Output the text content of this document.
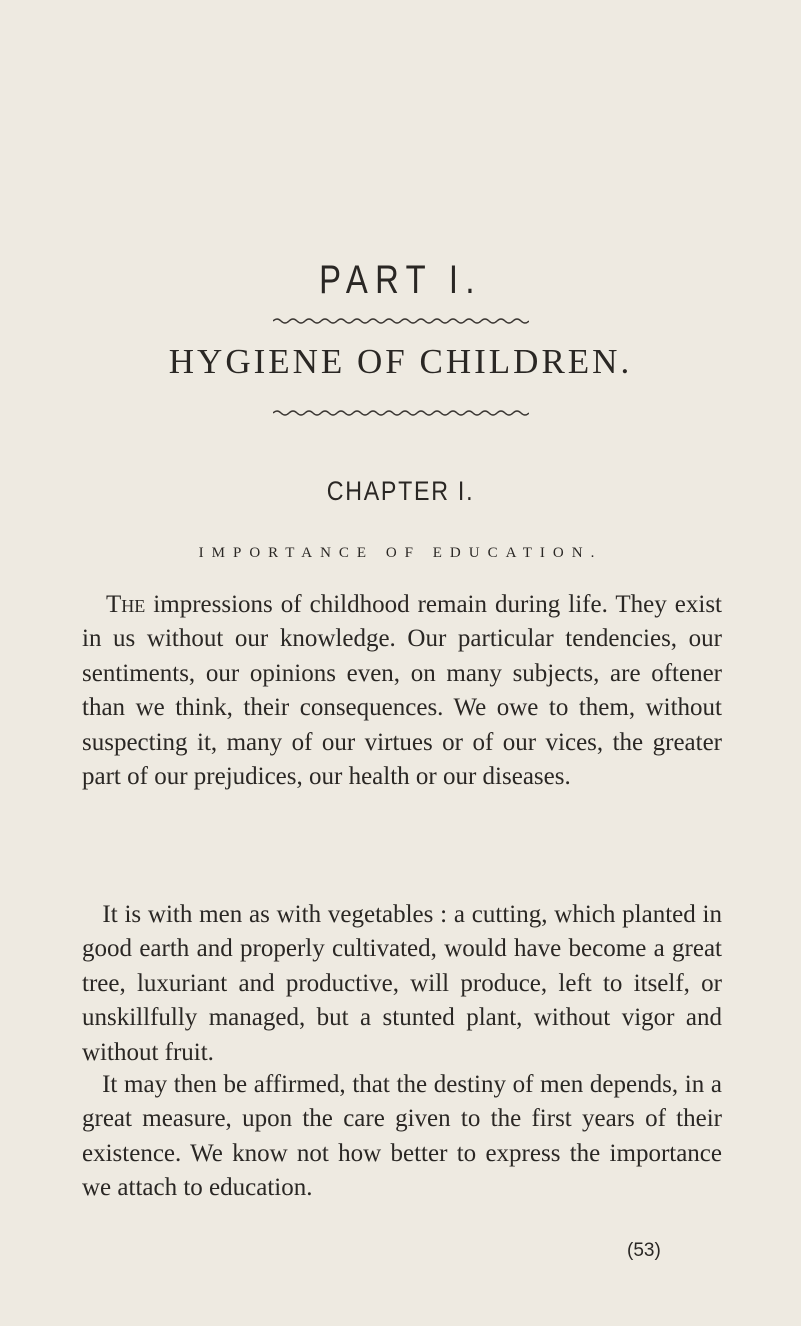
PART I.
HYGIENE OF CHILDREN.
CHAPTER I.
IMPORTANCE OF EDUCATION.

The impressions of childhood remain during life. They exist in us without our knowledge. Our particular tendencies, our sentiments, our opinions even, on many subjects, are oftener than we think, their consequences. We owe to them, without suspecting it, many of our virtues or of our vices, the greater part of our prejudices, our health or our diseases.

It is with men as with vegetables : a cutting, which planted in good earth and properly cultivated, would have become a great tree, luxuriant and productive, will produce, left to itself, or unskillfully managed, but a stunted plant, without vigor and without fruit.

It may then be affirmed, that the destiny of men depends, in a great measure, upon the care given to the first years of their existence. We know not how better to express the importance we attach to education.

(53)
